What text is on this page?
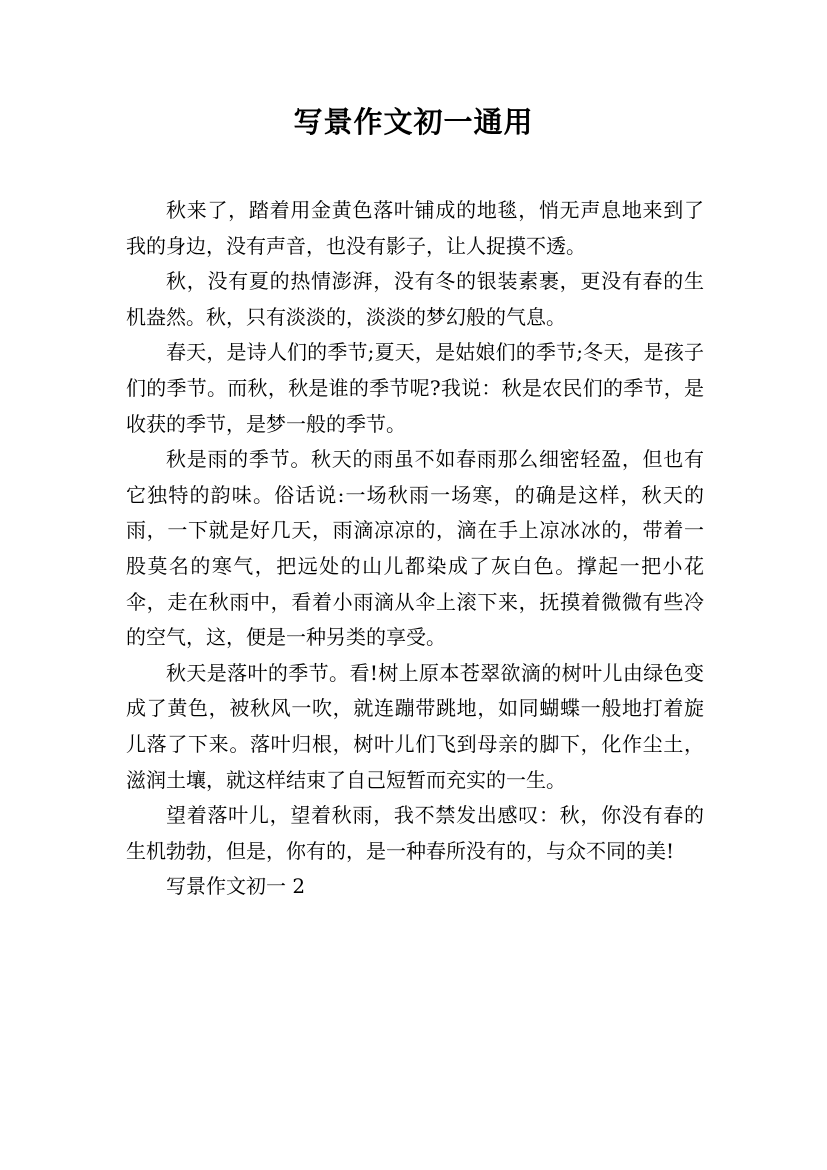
写景作文初一通用

秋来了，踏着用金黄色落叶铺成的地毯，悄无声息地来到了我的身边，没有声音，也没有影子，让人捉摸不透。

秋，没有夏的热情澎湃，没有冬的银装素裹，更没有春的生机盎然。秋，只有淡淡的，淡淡的梦幻般的气息。

春天，是诗人们的季节;夏天，是姑娘们的季节;冬天，是孩子们的季节。而秋，秋是谁的季节呢?我说：秋是农民们的季节，是收获的季节，是梦一般的季节。

秋是雨的季节。秋天的雨虽不如春雨那么细密轻盈，但也有它独特的韵味。俗话说:一场秋雨一场寒，的确是这样，秋天的雨，一下就是好几天，雨滴凉凉的，滴在手上凉冰冰的，带着一股莫名的寒气，把远处的山儿都染成了灰白色。撑起一把小花伞，走在秋雨中，看着小雨滴从伞上滚下来，抚摸着微微有些冷的空气，这，便是一种另类的享受。

秋天是落叶的季节。看!树上原本苍翠欲滴的树叶儿由绿色变成了黄色，被秋风一吹，就连蹦带跳地，如同蝴蝶一般地打着旋儿落了下来。落叶归根，树叶儿们飞到母亲的脚下，化作尘土，滋润土壤，就这样结束了自己短暂而充实的一生。

望着落叶儿，望着秋雨，我不禁发出感叹：秋，你没有春的生机勃勃，但是，你有的，是一种春所没有的，与众不同的美!

写景作文初一 2
